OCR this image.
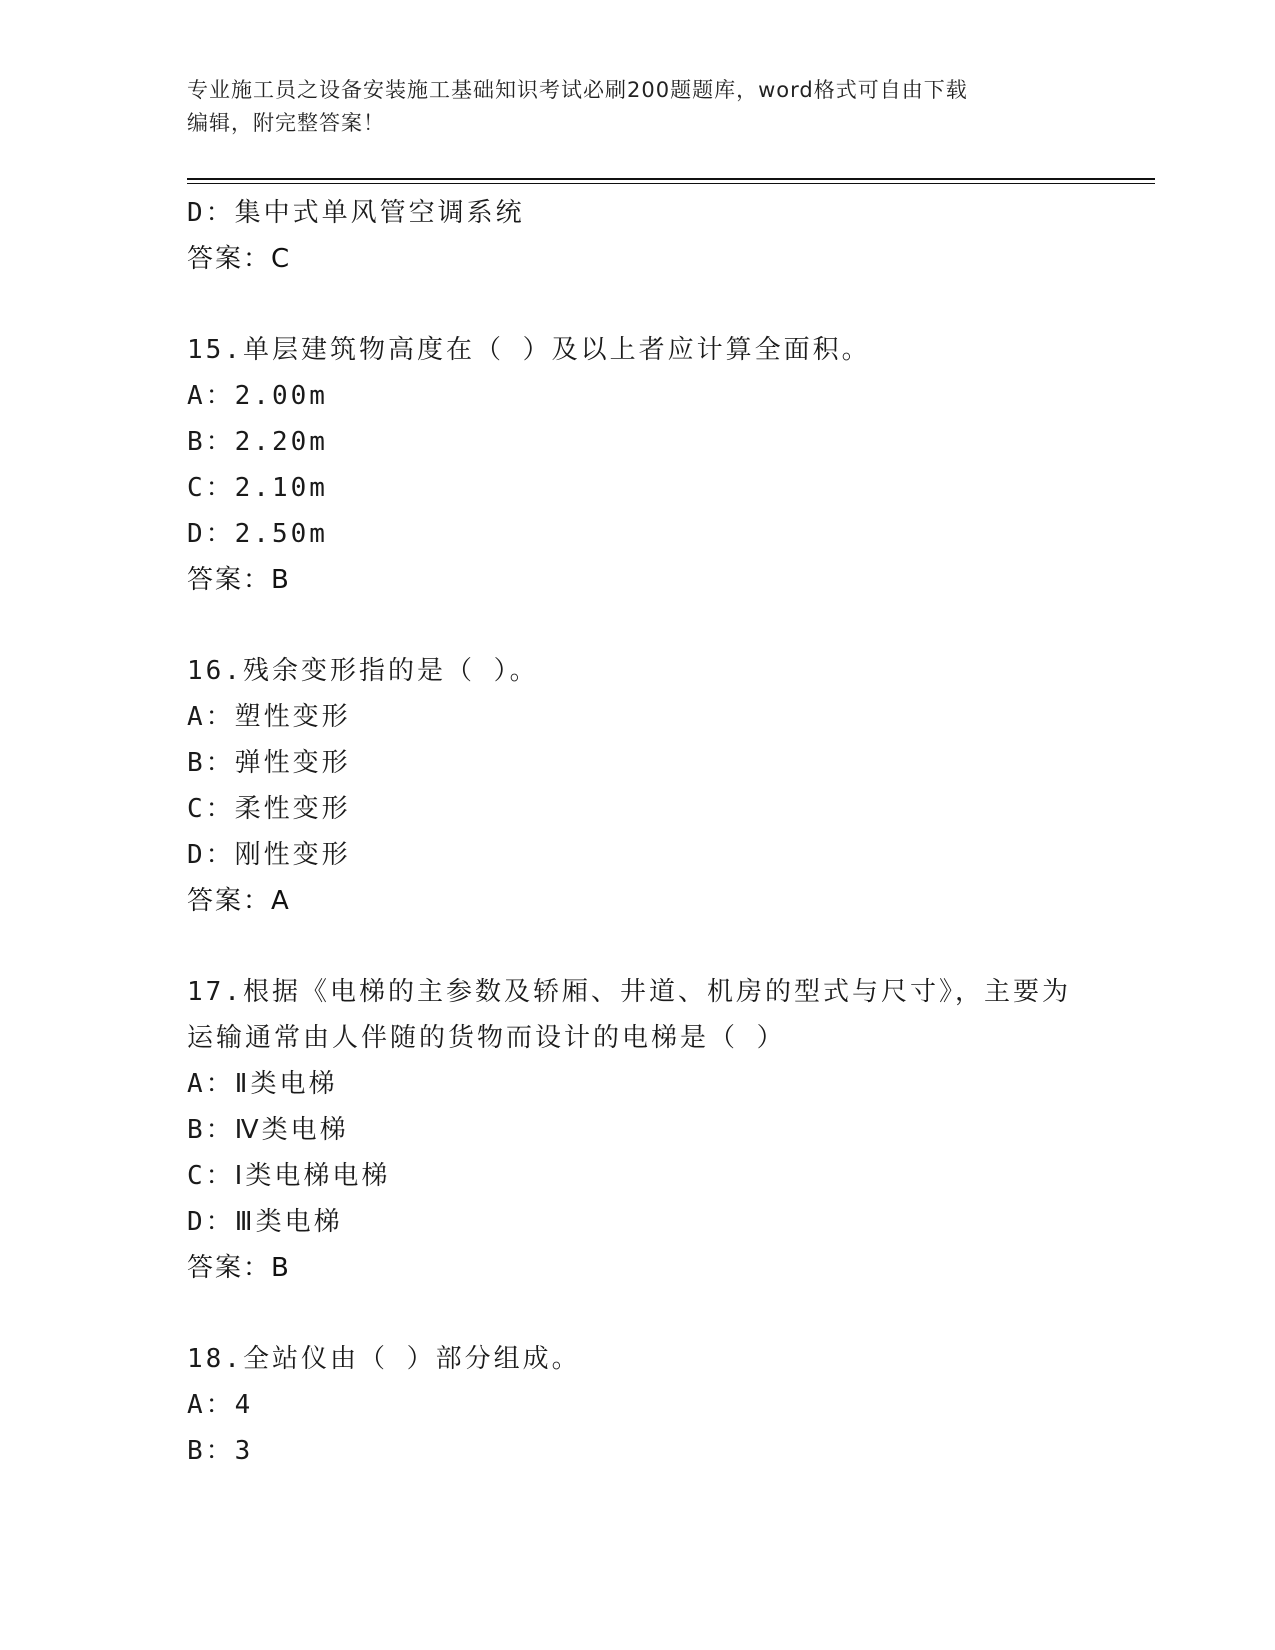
专业施工员之设备安装施工基础知识考试必刷200题题库，word格式可自由下载
编辑，附完整答案！
D：集中式单风管空调系统
答案：C
15.单层建筑物高度在（ ）及以上者应计算全面积。
A：2.00m
B：2.20m
C：2.10m
D：2.50m
答案：B
16.残余变形指的是（ ）。
A：塑性变形
B：弹性变形
C：柔性变形
D：刚性变形
答案：A
17.根据《电梯的主参数及轿厢、井道、机房的型式与尺寸》，主要为
运输通常由人伴随的货物而设计的电梯是（ ）
A：Ⅱ类电梯
B：Ⅳ类电梯
C：Ⅰ类电梯电梯
D：Ⅲ类电梯
答案：B
18.全站仪由（ ）部分组成。
A：4
B：3
